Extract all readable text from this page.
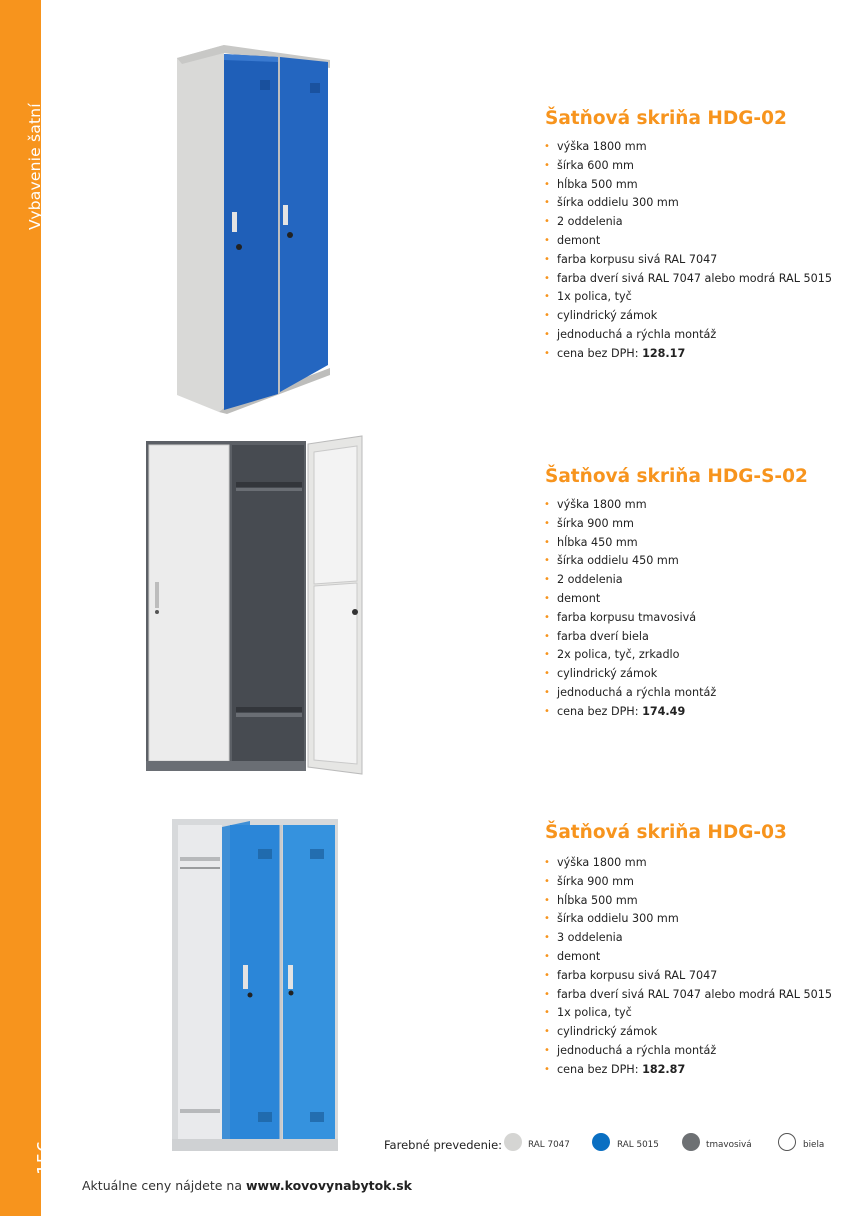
Vybavenie šatní
156
Šatňová skriňa HDG-02
• výška 1800 mm
• šírka 600 mm
• hĺbka 500 mm
• šírka oddielu 300 mm
• 2 oddelenia
• demont
• farba korpusu sivá RAL 7047
• farba dverí sivá RAL 7047 alebo modrá RAL 5015
• 1x polica, tyč
• cylindrický zámok
• jednoduchá a rýchla montáž
• cena bez DPH: 128.17
Šatňová skriňa HDG-S-02
• výška 1800 mm
• šírka 900 mm
• hĺbka 450 mm
• šírka oddielu 450 mm
• 2 oddelenia
• demont
• farba korpusu tmavosivá
• farba dverí biela
• 2x polica, tyč, zrkadlo
• cylindrický zámok
• jednoduchá a rýchla montáž
• cena bez DPH: 174.49
Šatňová skriňa HDG-03
• výška 1800 mm
• šírka 900 mm
• hĺbka 500 mm
• šírka oddielu 300 mm
• 3 oddelenia
• demont
• farba korpusu sivá RAL 7047
• farba dverí sivá RAL 7047 alebo modrá RAL 5015
• 1x polica, tyč
• cylindrický zámok
• jednoduchá a rýchla montáž
• cena bez DPH: 182.87
Farebné prevedenie:	RAL 7047	RAL 5015	tmavosivá	biela
Aktuálne ceny nájdete na www.kovovynabytok.sk
